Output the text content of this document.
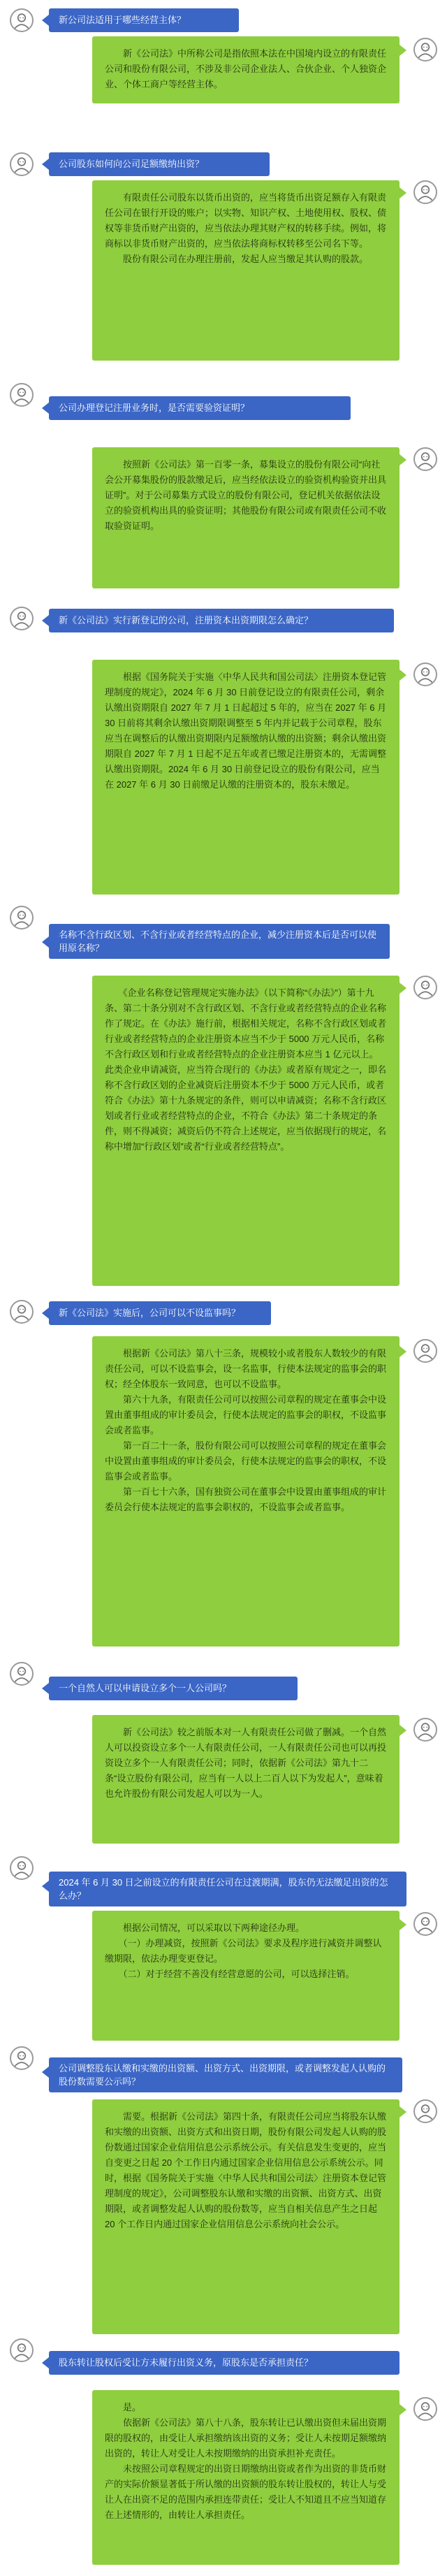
新公司法适用于哪些经营主体？
　　新《公司法》中所称公司是指依照本法在中国境内设立的有限责任公司和股份有限公司，不涉及非公司企业法人、合伙企业、个人独资企业、个体工商户等经营主体。
公司股东如何向公司足额缴纳出资？
　　有限责任公司股东以货币出资的，应当将货币出资足额存入有限责任公司在银行开设的账户；以实物、知识产权、土地使用权、股权、债权等非货币财产出资的，应当依法办理其财产权的转移手续。例如，将商标以非货币财产出资的，应当依法将商标权转移至公司名下等。
　　股份有限公司在办理注册前，发起人应当缴足其认购的股款。
公司办理登记注册业务时，是否需要验资证明？
　　按照新《公司法》第一百零一条，募集设立的股份有限公司“向社会公开募集股份的股款缴足后，应当经依法设立的验资机构验资并出具证明”。对于公司募集方式设立的股份有限公司，登记机关依据依法设立的验资机构出具的验资证明；其他股份有限公司或有限责任公司不收取验资证明。
新《公司法》实行新登记的公司，注册资本出资期限怎么确定？
　　根据《国务院关于实施〈中华人民共和国公司法〉注册资本登记管理制度的规定》，2024 年 6 月 30 日前登记设立的有限责任公司，剩余认缴出资期限自 2027 年 7 月 1 日起超过 5 年的，应当在 2027 年 6 月 30 日前将其剩余认缴出资期限调整至 5 年内并记载于公司章程，股东应当在调整后的认缴出资期限内足额缴纳认缴的出资额；剩余认缴出资期限自 2027 年 7 月 1 日起不足五年或者已缴足注册资本的，无需调整认缴出资期限。2024 年 6 月 30 日前登记设立的股份有限公司，应当在 2027 年 6 月 30 日前缴足认缴的注册资本的，股东未缴足。
名称不含行政区划、不含行业或者经营特点的企业，减少注册资本后是否可以使用原名称？
　　《企业名称登记管理规定实施办法》（以下简称“《办法》”）第十九条、第二十条分别对不含行政区划、不含行业或者经营特点的企业名称作了规定。在《办法》施行前，根据相关规定，名称不含行政区划或者行业或者经营特点的企业注册资本应当不少于 5000 万元人民币，名称不含行政区划和行业或者经营特点的企业注册资本应当 1 亿元以上。此类企业申请减资，应当符合现行的《办法》或者原有规定之一，即名称不含行政区划的企业减资后注册资本不少于 5000 万元人民币，或者符合《办法》第十九条规定的条件，则可以申请减资；名称不含行政区划或者行业或者经营特点的企业，不符合《办法》第二十条规定的条件，则不得减资；减资后仍不符合上述规定，应当依据现行的规定，名称中增加“行政区划”或者“行业或者经营特点”。
新《公司法》实施后，公司可以不设监事吗？
　　根据新《公司法》第八十三条，规模较小或者股东人数较少的有限责任公司，可以不设监事会，设一名监事，行使本法规定的监事会的职权；经全体股东一致同意，也可以不设监事。
　　第六十九条，有限责任公司可以按照公司章程的规定在董事会中设置由董事组成的审计委员会，行使本法规定的监事会的职权，不设监事会或者监事。
　　第一百二十一条，股份有限公司可以按照公司章程的规定在董事会中设置由董事组成的审计委员会，行使本法规定的监事会的职权，不设监事会或者监事。
　　第一百七十六条，国有独资公司在董事会中设置由董事组成的审计委员会行使本法规定的监事会职权的，不设监事会或者监事。
一个自然人可以申请设立多个一人公司吗？
　　新《公司法》较之前版本对一人有限责任公司做了删减。一个自然人可以投资设立多个一人有限责任公司，一人有限责任公司也可以再投资设立多个一人有限责任公司；同时，依据新《公司法》第九十二条“设立股份有限公司，应当有一人以上二百人以下为发起人”，意味着也允许股份有限公司发起人可以为一人。
2024 年 6 月 30 日之前设立的有限责任公司在过渡期满，股东仍无法缴足出资的怎么办？
　　根据公司情况，可以采取以下两种途径办理。
　　（一）办理减资，按照新《公司法》要求及程序进行减资并调整认缴期限，依法办理变更登记。
　　（二）对于经营不善没有经营意愿的公司，可以选择注销。
公司调整股东认缴和实缴的出资额、出资方式、出资期限，或者调整发起人认购的股份数需要公示吗？
　　需要。根据新《公司法》第四十条，有限责任公司应当将股东认缴和实缴的出资额、出资方式和出资日期，股份有限公司发起人认购的股份数通过国家企业信用信息公示系统公示。有关信息发生变更的，应当自变更之日起 20 个工作日内通过国家企业信用信息公示系统公示。同时，根据《国务院关于实施〈中华人民共和国公司法〉注册资本登记管理制度的规定》，公司调整股东认缴和实缴的出资额、出资方式、出资期限，或者调整发起人认购的股份数等，应当自相关信息产生之日起 20 个工作日内通过国家企业信用信息公示系统向社会公示。
股东转让股权后受让方未履行出资义务，原股东是否承担责任？
　　是。
　　依据新《公司法》第八十八条，股东转让已认缴出资但未届出资期限的股权的，由受让人承担缴纳该出资的义务；受让人未按期足额缴纳出资的，转让人对受让人未按期缴纳的出资承担补充责任。
　　未按照公司章程规定的出资日期缴纳出资或者作为出资的非货币财产的实际价额显著低于所认缴的出资额的股东转让股权的，转让人与受让人在出资不足的范围内承担连带责任；受让人不知道且不应当知道存在上述情形的，由转让人承担责任。
